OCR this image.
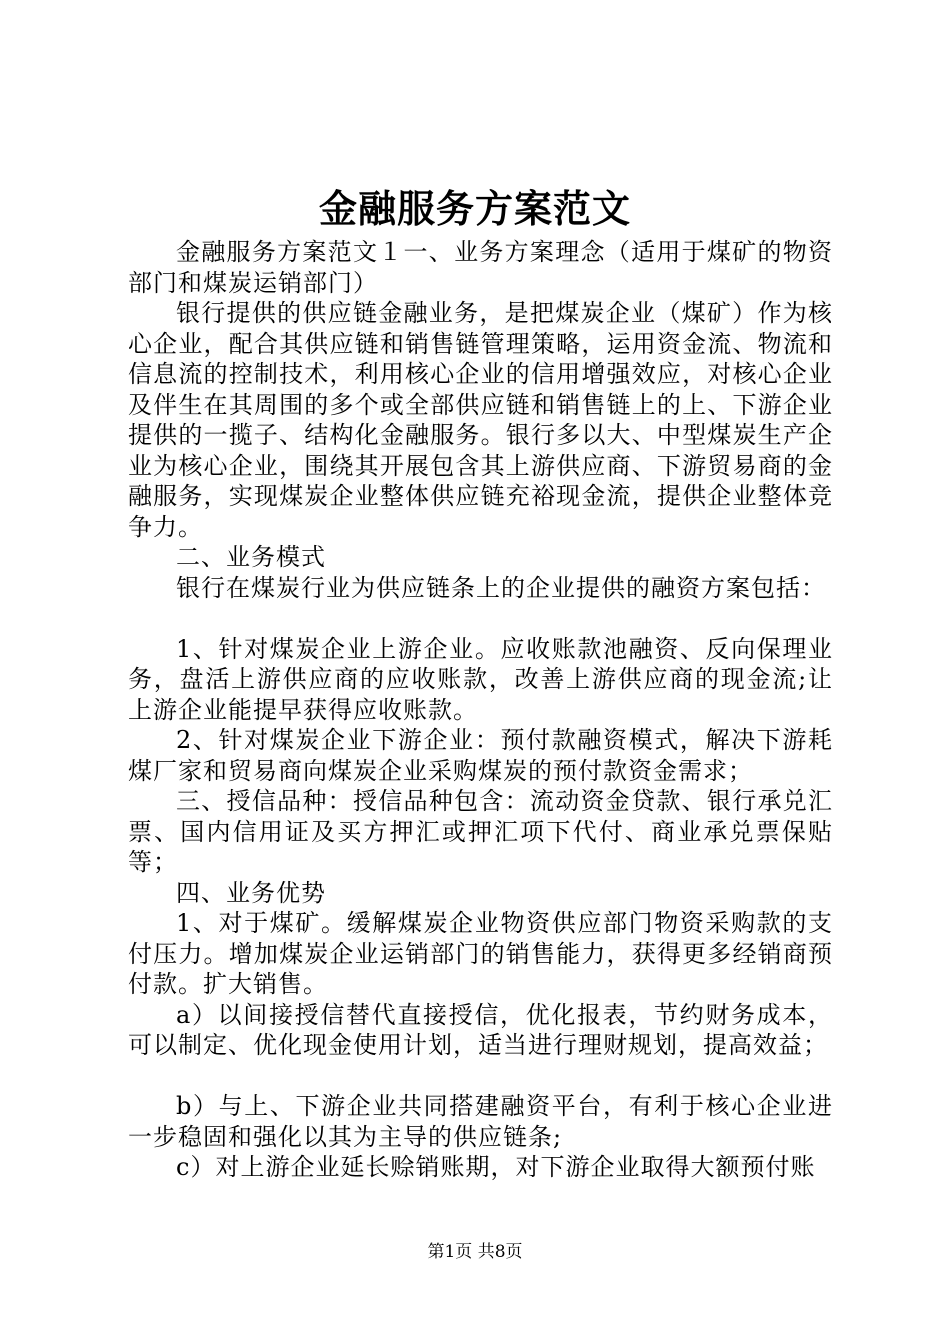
金融服务方案范文

金融服务方案范文１一、业务方案理念（适用于煤矿的物资部门和煤炭运销部门）

银行提供的供应链金融业务，是把煤炭企业（煤矿）作为核心企业，配合其供应链和销售链管理策略，运用资金流、物流和信息流的控制技术，利用核心企业的信用增强效应，对核心企业及伴生在其周围的多个或全部供应链和销售链上的上、下游企业提供的一揽子、结构化金融服务。银行多以大、中型煤炭生产企业为核心企业，围绕其开展包含其上游供应商、下游贸易商的金融服务，实现煤炭企业整体供应链充裕现金流，提供企业整体竞争力。

二、业务模式

银行在煤炭行业为供应链条上的企业提供的融资方案包括：

1、针对煤炭企业上游企业。应收账款池融资、反向保理业务，盘活上游供应商的应收账款，改善上游供应商的现金流;让上游企业能提早获得应收账款。

2、针对煤炭企业下游企业：预付款融资模式，解决下游耗煤厂家和贸易商向煤炭企业采购煤炭的预付款资金需求；

三、授信品种：授信品种包含：流动资金贷款、银行承兑汇票、国内信用证及买方押汇或押汇项下代付、商业承兑票保贴等；

四、业务优势

1、对于煤矿。缓解煤炭企业物资供应部门物资采购款的支付压力。增加煤炭企业运销部门的销售能力，获得更多经销商预付款。扩大销售。

a）以间接授信替代直接授信，优化报表，节约财务成本，可以制定、优化现金使用计划，适当进行理财规划，提高效益；

b）与上、下游企业共同搭建融资平台，有利于核心企业进一步稳固和强化以其为主导的供应链条;

c）对上游企业延长赊销账期，对下游企业取得大额预付账

第1页 共8页
